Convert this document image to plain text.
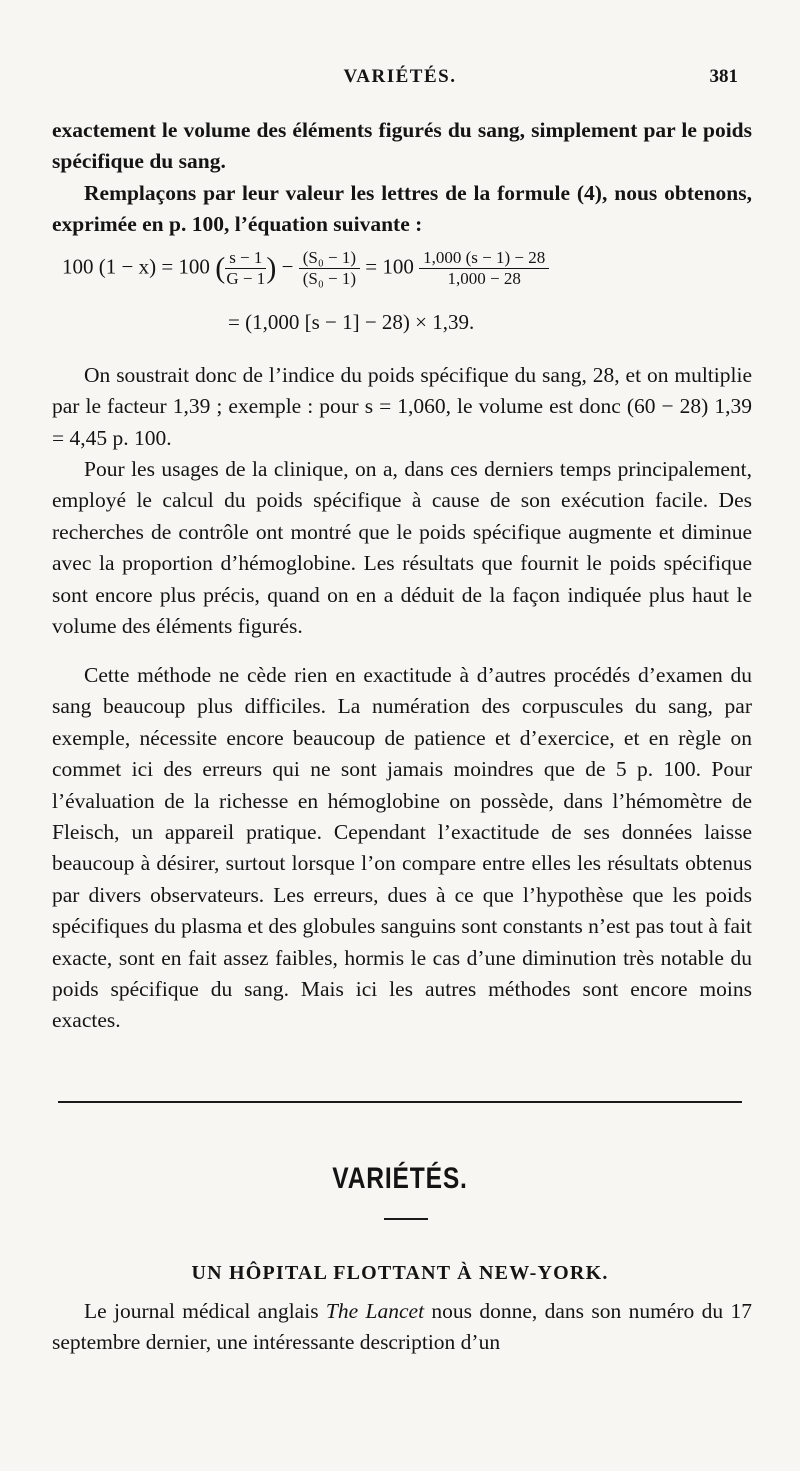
VARIÉTÉS.	381

exactement le volume des éléments figurés du sang, simplement par le poids spécifique du sang.

Remplaçons par leur valeur les lettres de la formule (4), nous obtenons, exprimée en p. 100, l’équation suivante :

100 (1 − x) = 100 ( $\frac{s - 1}{G - 1}$ ) − $\frac{\text{(S₀ − 1)}}{\text{(S₀ − 1)}} = 100 \frac{1,000 (s - 1) - 28}{1,000 - 28}$
= (1,000 [s − 1] − 28) × 1,39.

On soustrait donc de l’indice du poids spécifique du sang, 28, et on multiplie par le facteur 1,39 ; exemple : pour s = 1,060, le volume est donc (60 − 28) 1,39 = 4,45 p. 100.

Pour les usages de la clinique, on a, dans ces derniers temps principalement, employé le calcul du poids spécifique à cause de son exécution facile. Des recherches de contrôle ont montré que le poids spécifique augmente et diminue avec la proportion d’hémoglobine. Les résultats que fournit le poids spécifique sont encore plus précis, quand on en a déduit de la façon indiquée plus haut le volume des éléments figurés.

Cette méthode ne cède rien en exactitude à d’autres procédés d’examen du sang beaucoup plus difficiles. La numération des corpuscules du sang, par exemple, nécessite encore beaucoup de patience et d’exercice, et en règle on commet ici des erreurs qui ne sont jamais moindres que de 5 p. 100. Pour l’évaluation de la richesse en hémoglobine on possède, dans l’hémomètre de Fleisch, un appareil pratique. Cependant l’exactitude de ses données laisse beaucoup à désirer, surtout lorsque l’on compare entre elles les résultats obtenus par divers observateurs. Les erreurs, dues à ce que l’hypothèse que les poids spécifiques du plasma et des globules sanguins sont constants n’est pas tout à fait exacte, sont en fait assez faibles, hormis le cas d’une diminution très notable du poids spécifique du sang. Mais ici les autres méthodes sont encore moins exactes.

VARIÉTÉS.
UN HÔPITAL FLOTTANT À NEW-YORK.

Le journal médical anglais The Lancet nous donne, dans son numéro du 17 septembre dernier, une intéressante description d’un
